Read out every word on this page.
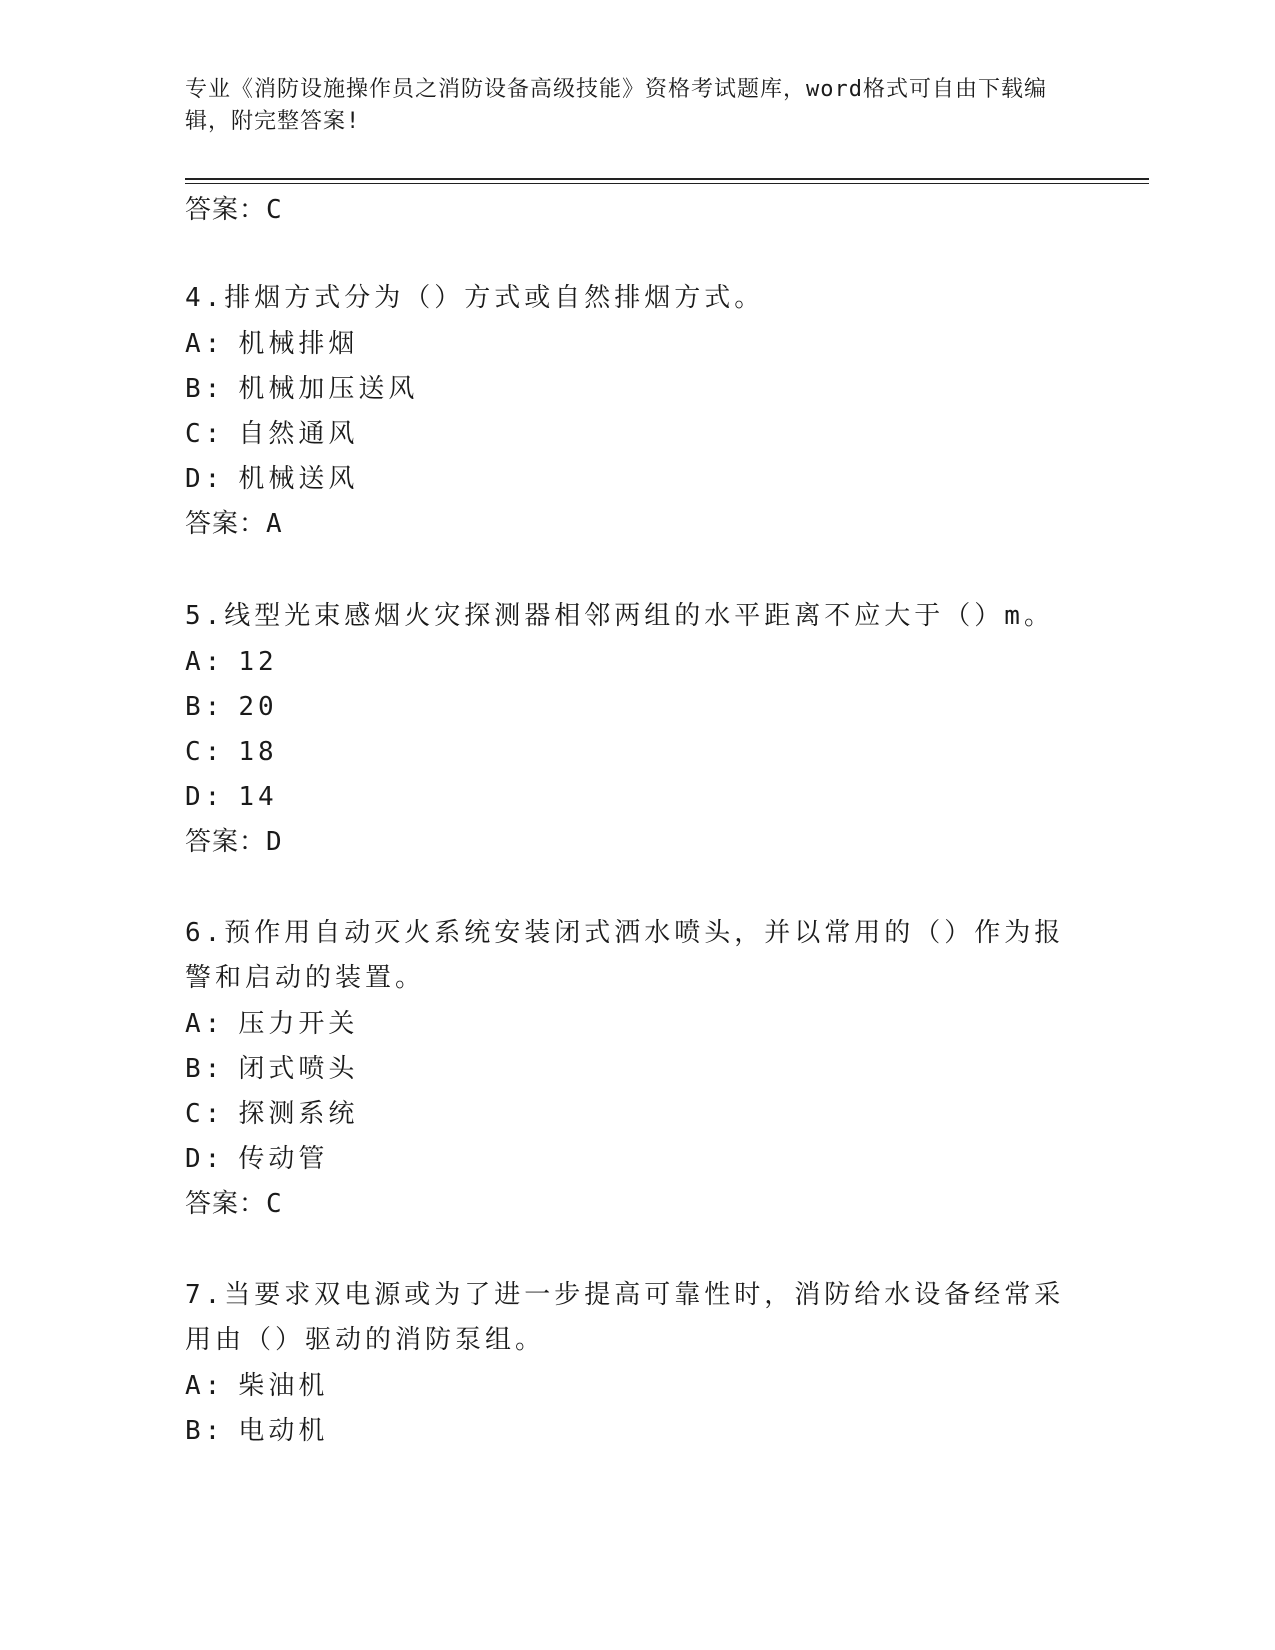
专业《消防设施操作员之消防设备高级技能》资格考试题库，word格式可自由下载编辑，附完整答案!
答案：C
4.排烟方式分为（）方式或自然排烟方式。
A: 机械排烟
B: 机械加压送风
C: 自然通风
D: 机械送风
答案：A
5.线型光束感烟火灾探测器相邻两组的水平距离不应大于（）m。
A: 12
B: 20
C: 18
D: 14
答案：D
6.预作用自动灭火系统安装闭式洒水喷头，并以常用的（）作为报警和启动的装置。
A: 压力开关
B: 闭式喷头
C: 探测系统
D: 传动管
答案：C
7.当要求双电源或为了进一步提高可靠性时，消防给水设备经常采用由（）驱动的消防泵组。
A: 柴油机
B: 电动机
